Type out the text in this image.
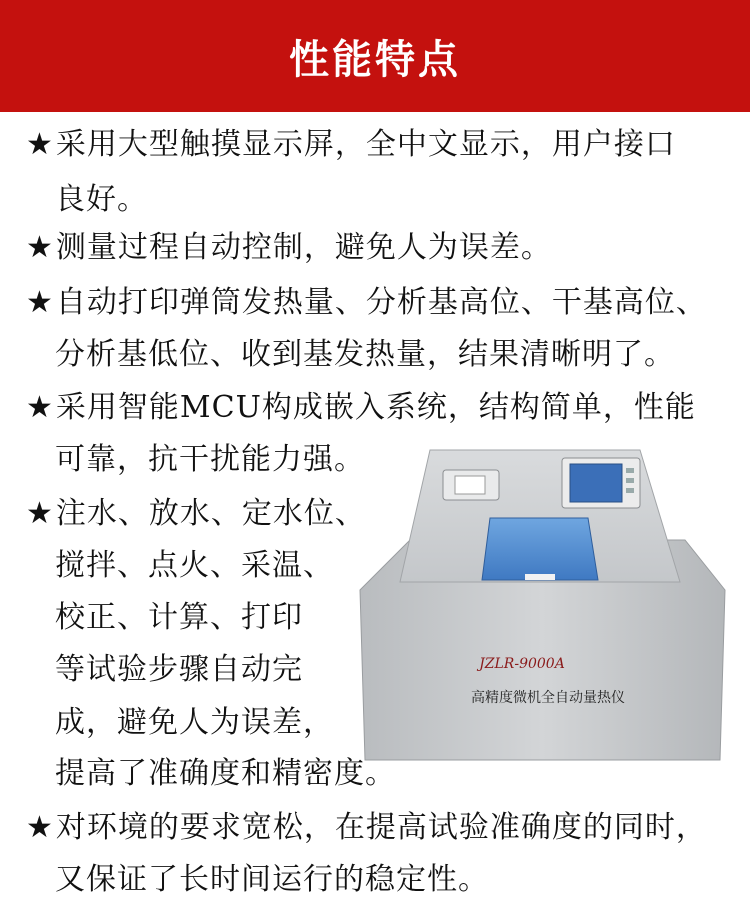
性能特点
JZLR-9000A
高精度微机全自动量热仪
★采用大型触摸显示屏，全中文显示，用户接口
良好。
★测量过程自动控制，避免人为误差。
★自动打印弹筒发热量、分析基高位、干基高位、
分析基低位、收到基发热量，结果清晰明了。
★采用智能MCU构成嵌入系统，结构简单，性能
可靠，抗干扰能力强。
★注水、放水、定水位、
搅拌、点火、采温、
校正、计算、打印
等试验步骤自动完
成，避免人为误差，
提高了准确度和精密度。
★对环境的要求宽松，在提高试验准确度的同时，
又保证了长时间运行的稳定性。
